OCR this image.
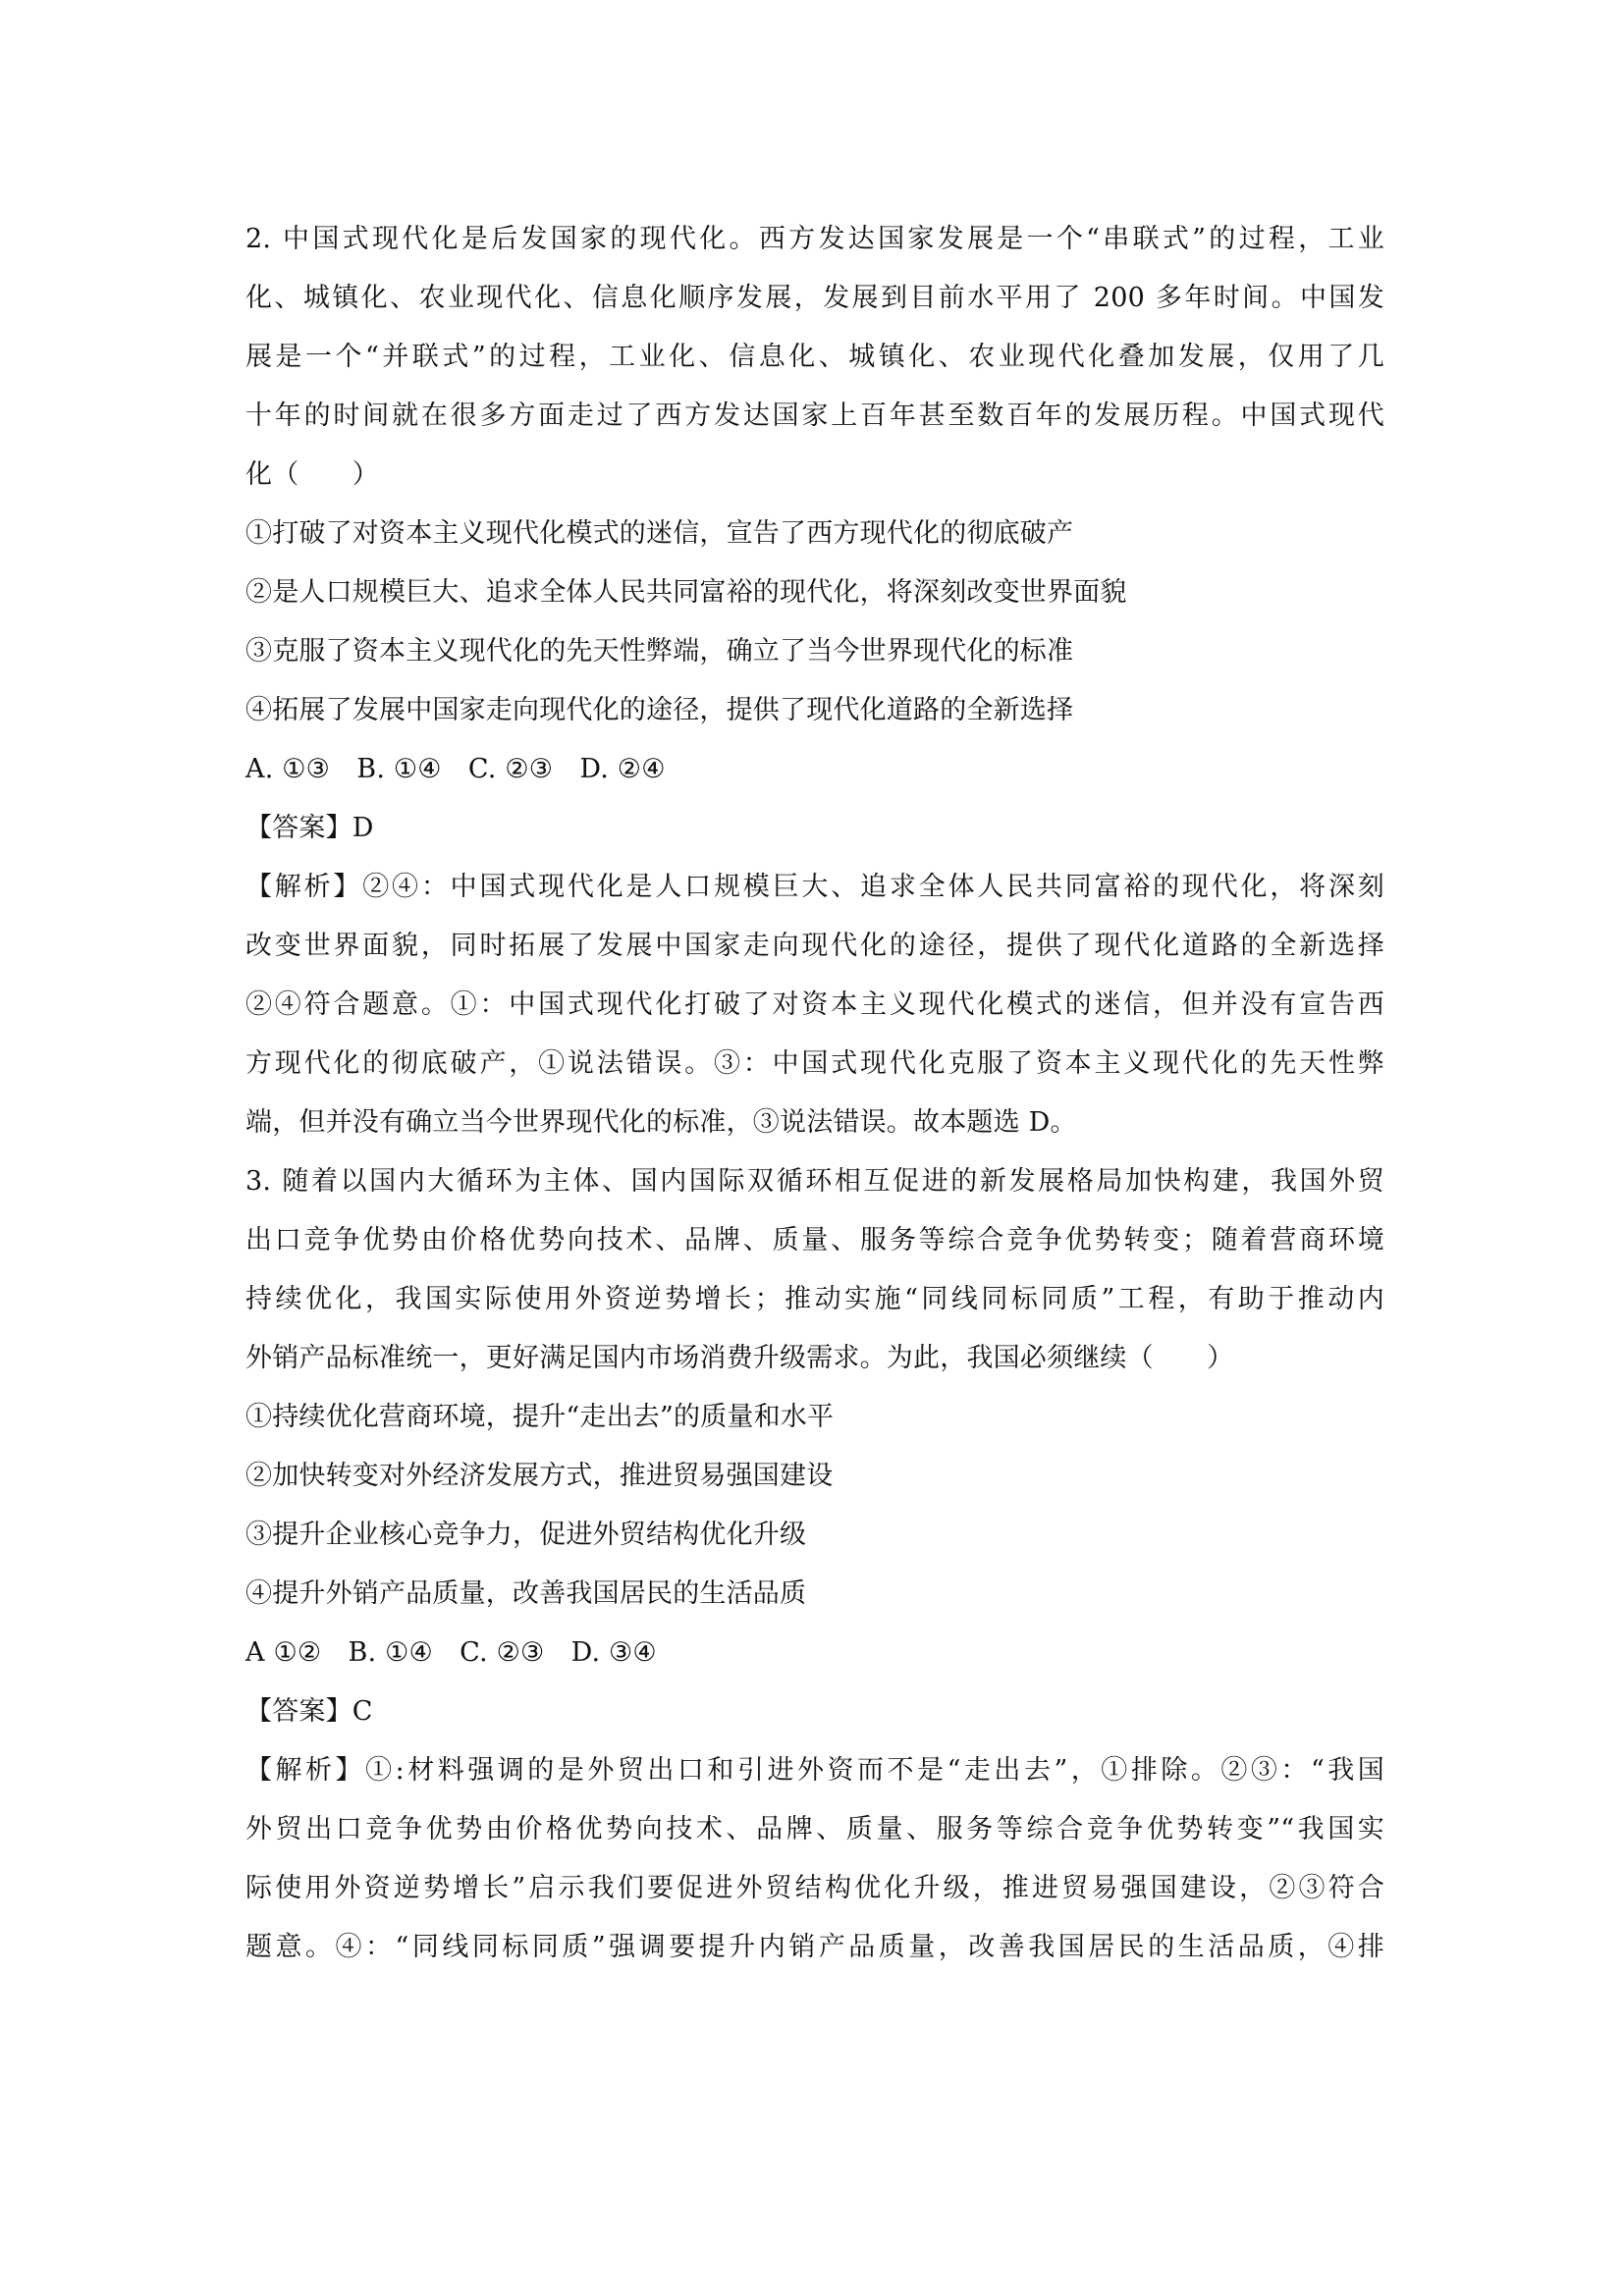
2. 中国式现代化是后发国家的现代化。西方发达国家发展是一个“串联式”的过程，工业
化、城镇化、农业现代化、信息化顺序发展，发展到目前水平用了 200 多年时间。中国发
展是一个“并联式”的过程，工业化、信息化、城镇化、农业现代化叠加发展，仅用了几
十年的时间就在很多方面走过了西方发达国家上百年甚至数百年的发展历程。中国式现代
化（　　）
①打破了对资本主义现代化模式的迷信，宣告了西方现代化的彻底破产
②是人口规模巨大、追求全体人民共同富裕的现代化，将深刻改变世界面貌
③克服了资本主义现代化的先天性弊端，确立了当今世界现代化的标准
④拓展了发展中国家走向现代化的途径，提供了现代化道路的全新选择
A. ①③　B. ①④　C. ②③　D. ②④
【答案】D
【解析】②④：中国式现代化是人口规模巨大、追求全体人民共同富裕的现代化，将深刻
改变世界面貌，同时拓展了发展中国家走向现代化的途径，提供了现代化道路的全新选择
②④符合题意。①：中国式现代化打破了对资本主义现代化模式的迷信，但并没有宣告西
方现代化的彻底破产，①说法错误。③：中国式现代化克服了资本主义现代化的先天性弊
端，但并没有确立当今世界现代化的标准，③说法错误。故本题选 D。
3. 随着以国内大循环为主体、国内国际双循环相互促进的新发展格局加快构建，我国外贸
出口竞争优势由价格优势向技术、品牌、质量、服务等综合竞争优势转变；随着营商环境
持续优化，我国实际使用外资逆势增长；推动实施“同线同标同质”工程，有助于推动内
外销产品标准统一，更好满足国内市场消费升级需求。为此，我国必须继续（　　）
①持续优化营商环境，提升“走出去”的质量和水平
②加快转变对外经济发展方式，推进贸易强国建设
③提升企业核心竞争力，促进外贸结构优化升级
④提升外销产品质量，改善我国居民的生活品质
A ①②　B. ①④　C. ②③　D. ③④
【答案】C
【解析】①:材料强调的是外贸出口和引进外资而不是“走出去”，①排除。②③：“我国
外贸出口竞争优势由价格优势向技术、品牌、质量、服务等综合竞争优势转变”“我国实
际使用外资逆势增长”启示我们要促进外贸结构优化升级，推进贸易强国建设，②③符合
题意。④：“同线同标同质”强调要提升内销产品质量，改善我国居民的生活品质，④排
